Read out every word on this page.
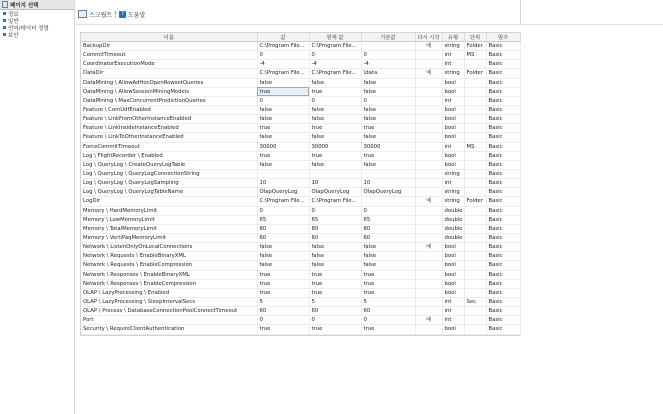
페이지 선택
정보
일반
언어/데이터 정렬
보안
스크립트	? 도움말
이름	값	현재 값	기본값	다시 시작	유형	단위	범주
BackupDir	C:\Program File...	C:\Program File...		예	string	Folder	Basic
CommitTimeout	0	0	0		int	MS	Basic
CoordinatorExecutionMode	-4	-4	-4		int		Basic
DataDir	C:\Program File...	C:\Program File...	\data	예	string	Folder	Basic
DataMining \ AllowAdHocOpenRowsetQueries	false	false	false		bool		Basic
DataMining \ AllowSessionMiningModels	true	true	false		bool		Basic
DataMining \ MaxConcurrentPredictionQueries	0	0	0		int		Basic
Feature \ ComUdfEnabled	false	false	false		bool		Basic
Feature \ LinkFromOtherInstanceEnabled	false	false	false		bool		Basic
Feature \ LinkInsideInstanceEnabled	true	true	true		bool		Basic
Feature \ LinkToOtherInstanceEnabled	false	false	false		bool		Basic
ForceCommitTimeout	30000	30000	30000		int	MS	Basic
Log \ FlightRecorder \ Enabled	true	true	true		bool		Basic
Log \ QueryLog \ CreateQueryLogTable	false	false	false		bool		Basic
Log \ QueryLog \ QueryLogConnectionString					string		Basic
Log \ QueryLog \ QueryLogSampling	10	10	10		int		Basic
Log \ QueryLog \ QueryLogTableName	OlapQueryLog	OlapQueryLog	OlapQueryLog		string		Basic
LogDir	C:\Program File...	C:\Program File...		예	string	Folder	Basic
Memory \ HardMemoryLimit	0	0	0		double		Basic
Memory \ LowMemoryLimit	65	65	65		double		Basic
Memory \ TotalMemoryLimit	80	80	80		double		Basic
Memory \ VertiPaqMemoryLimit	60	60	60		double		Basic
Network \ ListenOnlyOnLocalConnections	false	false	false	예	bool		Basic
Network \ Requests \ EnableBinaryXML	false	false	false		bool		Basic
Network \ Requests \ EnableCompression	false	false	false		bool		Basic
Network \ Responses \ EnableBinaryXML	true	true	true		bool		Basic
Network \ Responses \ EnableCompression	true	true	true		bool		Basic
OLAP \ LazyProcessing \ Enabled	true	true	true		bool		Basic
OLAP \ LazyProcessing \ SleepIntervalSecs	5	5	5		int	Sec	Basic
OLAP \ Process \ DatabaseConnectionPoolConnectTimeout	60	60	60		int		Basic
Port	0	0	0	예	int		Basic
Security \ RequireClientAuthentication	true	true	true		bool		Basic
